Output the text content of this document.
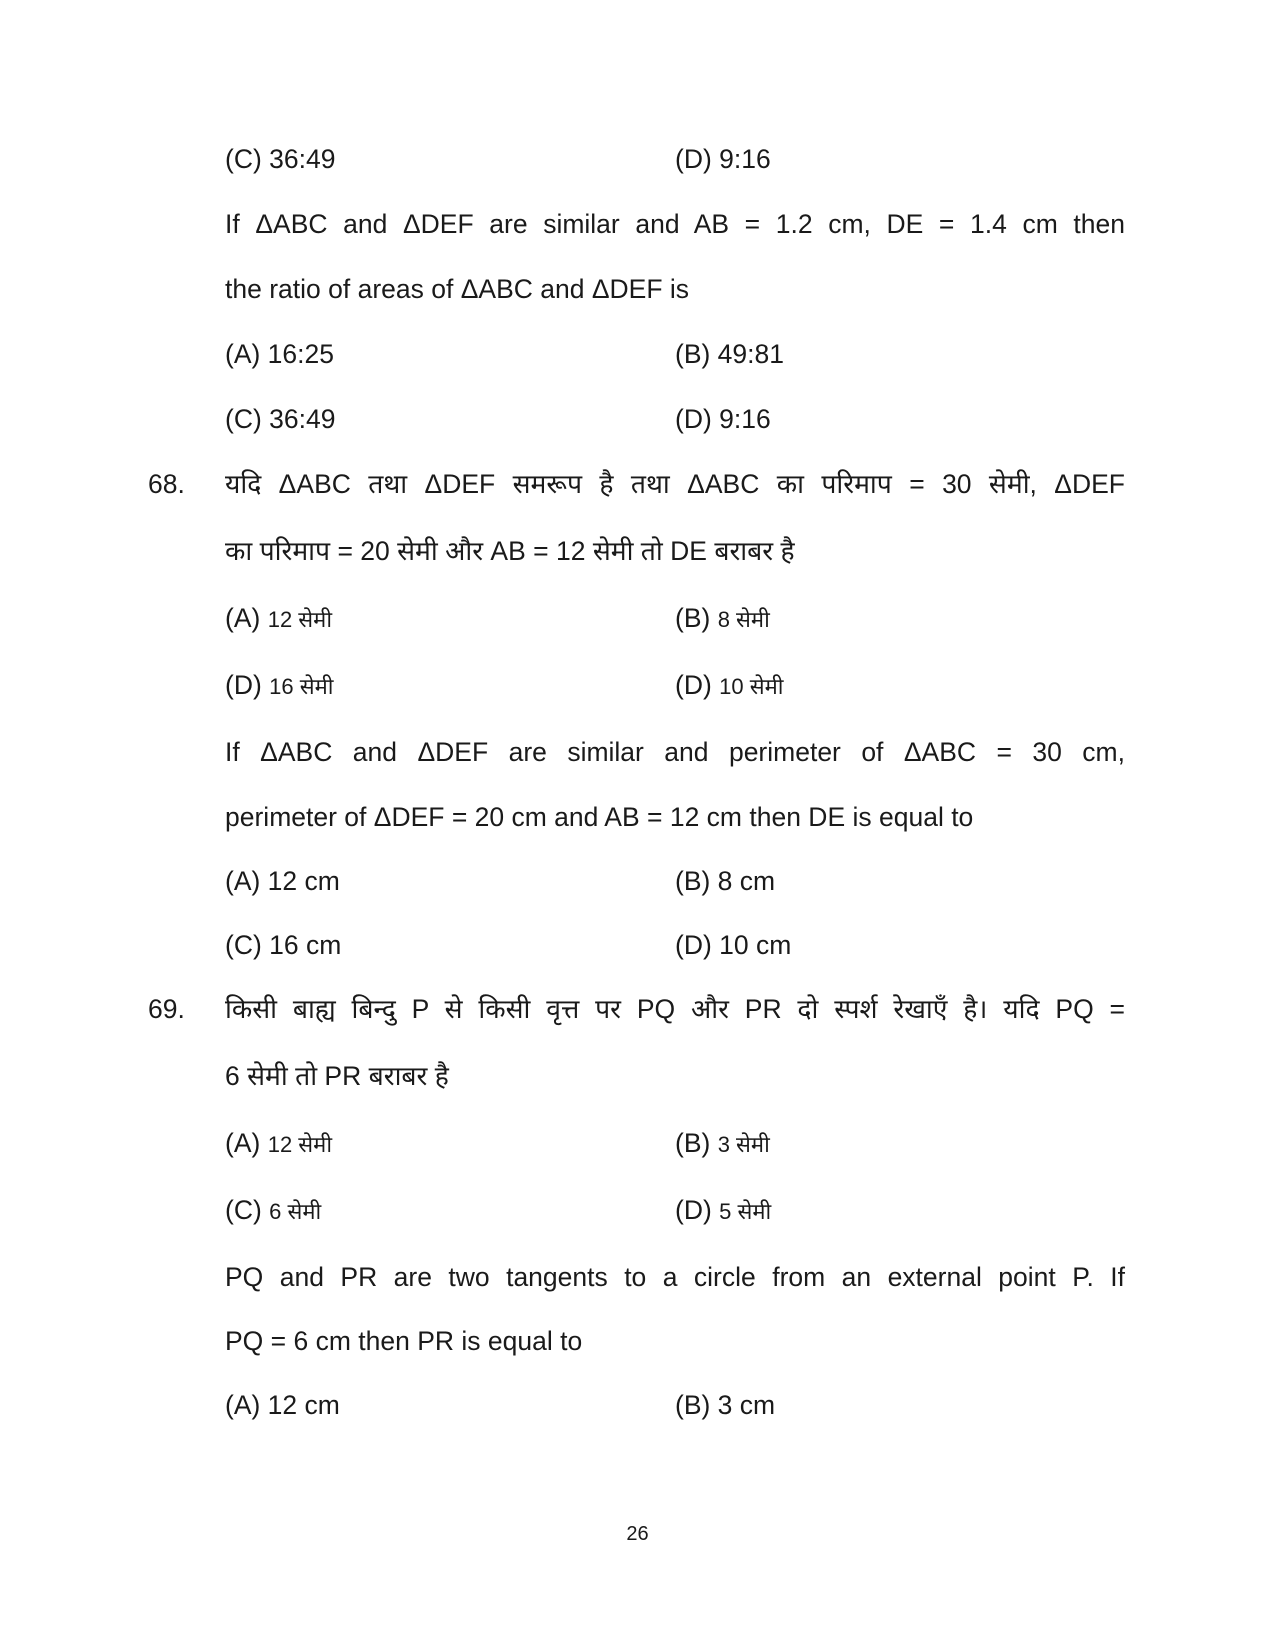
(C) 36:49	(D) 9:16
If ΔABC and ΔDEF are similar and AB = 1.2 cm, DE = 1.4 cm then
the ratio of areas of ΔABC and ΔDEF is
(A) 16:25	(B) 49:81
(C) 36:49	(D) 9:16
68. यदि ΔABC तथा ΔDEF समरूप है तथा ΔABC का परिमाप = 30 सेमी, ΔDEF
का परिमाप = 20 सेमी और AB = 12 सेमी तो DE बराबर है
(A) 12 सेमी	(B) 8 सेमी
(D) 16 सेमी	(D) 10 सेमी
If ΔABC and ΔDEF are similar and perimeter of ΔABC = 30 cm,
perimeter of ΔDEF = 20 cm and AB = 12 cm then DE is equal to
(A) 12 cm	(B) 8 cm
(C) 16 cm	(D) 10 cm
69. किसी बाह्य बिन्दु P से किसी वृत्त पर PQ और PR दो स्पर्श रेखाएँ है। यदि PQ =
6 सेमी तो PR बराबर है
(A) 12 सेमी	(B) 3 सेमी
(C) 6 सेमी	(D) 5 सेमी
PQ and PR are two tangents to a circle from an external point P. If
PQ = 6 cm then PR is equal to
(A) 12 cm	(B) 3 cm
26
